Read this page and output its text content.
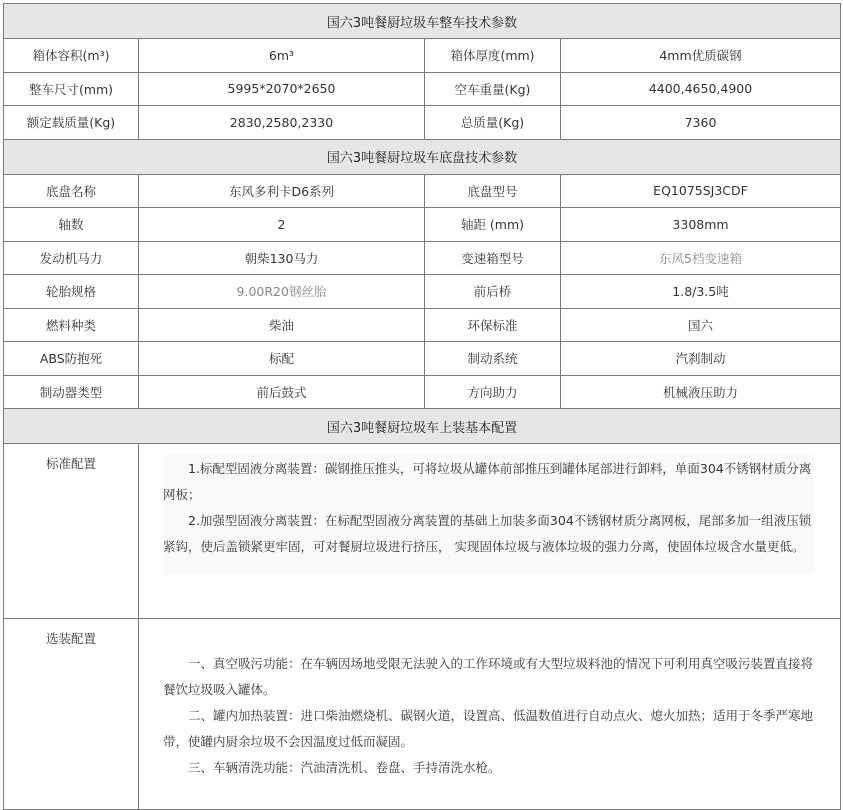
国六3吨餐厨垃圾车整车技术参数			
箱体容积(m³)	6m³	箱体厚度(mm)	4mm优质碳钢
整车尺寸(mm)	5995*2070*2650	空车重量(Kg)	4400,4650,4900
额定载质量(Kg)	2830,2580,2330	总质量(Kg)	7360
国六3吨餐厨垃圾车底盘技术参数			
底盘名称	东风多利卡D6系列	底盘型号	EQ1075SJ3CDF
轴数	2	轴距 (mm)	3308mm
发动机马力	朝柴130马力	变速箱型号	东风5档变速箱
轮胎规格	9.00R20钢丝胎	前后桥	1.8/3.5吨
燃料种类	柴油	环保标准	国六
ABS防抱死	标配	制动系统	汽刹制动
制动器类型	前后鼓式	方向助力	机械液压助力
国六3吨餐厨垃圾车上装基本配置			
标准配置	1.标配型固液分离装置：碳钢推压推头，可将垃圾从罐体前部推压到罐体尾部进行卸料，单面304不锈钢材质分离网板；

2.加强型固液分离装置：在标配型固液分离装置的基础上加装多面304不锈钢材质分离网板，尾部多加一组液压锁紧钩，使后盖锁紧更牢固，可对餐厨垃圾进行挤压， 实现固体垃圾与液体垃圾的强力分离，使固体垃圾含水量更低。		

选装配置	一、真空吸污功能：在车辆因场地受限无法驶入的工作环境或有大型垃圾料池的情况下可利用真空吸污装置直接将餐饮垃圾吸入罐体。

二、罐内加热装置：进口柴油燃烧机、碳钢火道，设置高、低温数值进行自动点火、熄火加热；适用于冬季严寒地带，使罐内厨余垃圾不会因温度过低而凝固。

三、车辆清洗功能：汽油清洗机、卷盘、手持清洗水枪。		
